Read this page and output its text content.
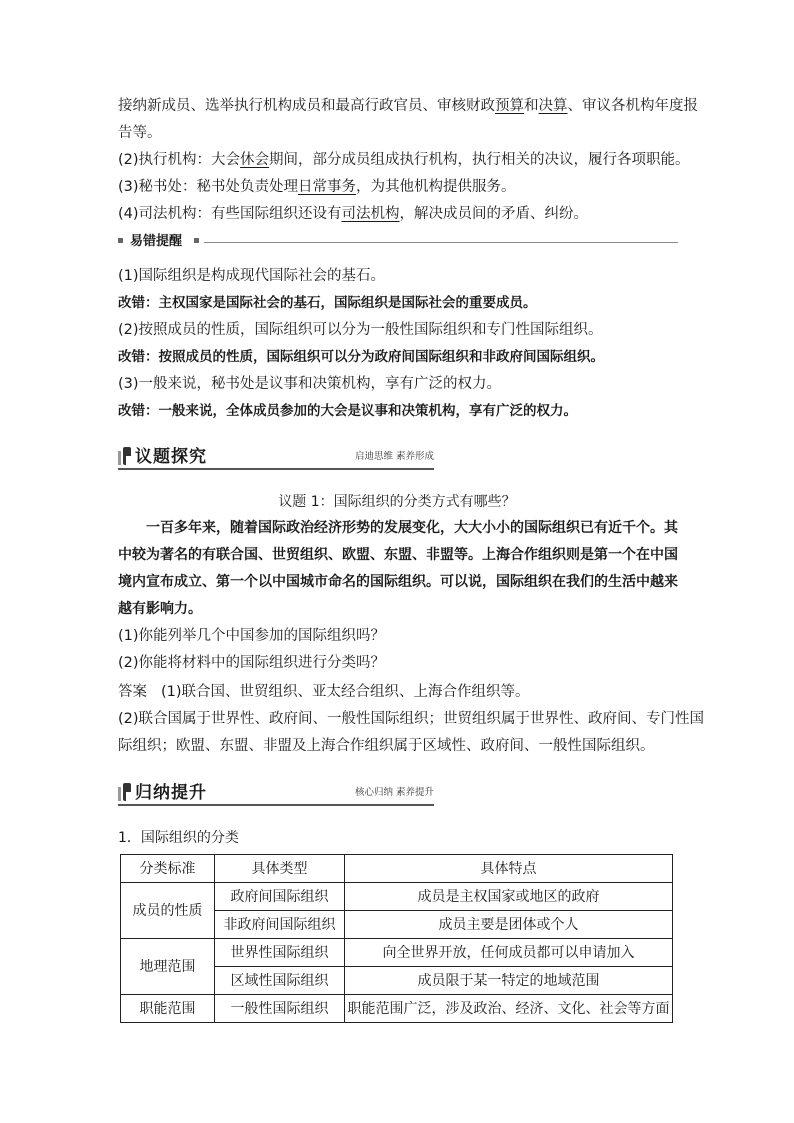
接纳新成员、选举执行机构成员和最高行政官员、审核财政预算和决算、审议各机构年度报
告等。
(2)执行机构：大会休会期间，部分成员组成执行机构，执行相关的决议，履行各项职能。
(3)秘书处：秘书处负责处理日常事务，为其他机构提供服务。
(4)司法机构：有些国际组织还设有司法机构，解决成员间的矛盾、纠纷。
易错提醒
(1)国际组织是构成现代国际社会的基石。
改错：主权国家是国际社会的基石，国际组织是国际社会的重要成员。
(2)按照成员的性质，国际组织可以分为一般性国际组织和专门性国际组织。
改错：按照成员的性质，国际组织可以分为政府间国际组织和非政府间国际组织。
(3)一般来说，秘书处是议事和决策机构，享有广泛的权力。
改错：一般来说，全体成员参加的大会是议事和决策机构，享有广泛的权力。
议题探究	启迪思维 素养形成
议题 1：国际组织的分类方式有哪些？
一百多年来，随着国际政治经济形势的发展变化，大大小小的国际组织已有近千个。其
中较为著名的有联合国、世贸组织、欧盟、东盟、非盟等。上海合作组织则是第一个在中国
境内宣布成立、第一个以中国城市命名的国际组织。可以说，国际组织在我们的生活中越来
越有影响力。
(1)你能列举几个中国参加的国际组织吗？
(2)你能将材料中的国际组织进行分类吗？
答案 (1)联合国、世贸组织、亚太经合组织、上海合作组织等。
(2)联合国属于世界性、政府间、一般性国际组织；世贸组织属于世界性、政府间、专门性国
际组织；欧盟、东盟、非盟及上海合作组织属于区域性、政府间、一般性国际组织。
归纳提升	核心归纳 素养提升
1．国际组织的分类
分类标准	具体类型	具体特点
成员的性质	政府间国际组织	成员是主权国家或地区的政府
	非政府间国际组织	成员主要是团体或个人
地理范围	世界性国际组织	向全世界开放，任何成员都可以申请加入
	区域性国际组织	成员限于某一特定的地域范围
职能范围	一般性国际组织	职能范围广泛，涉及政治、经济、文化、社会等方面
